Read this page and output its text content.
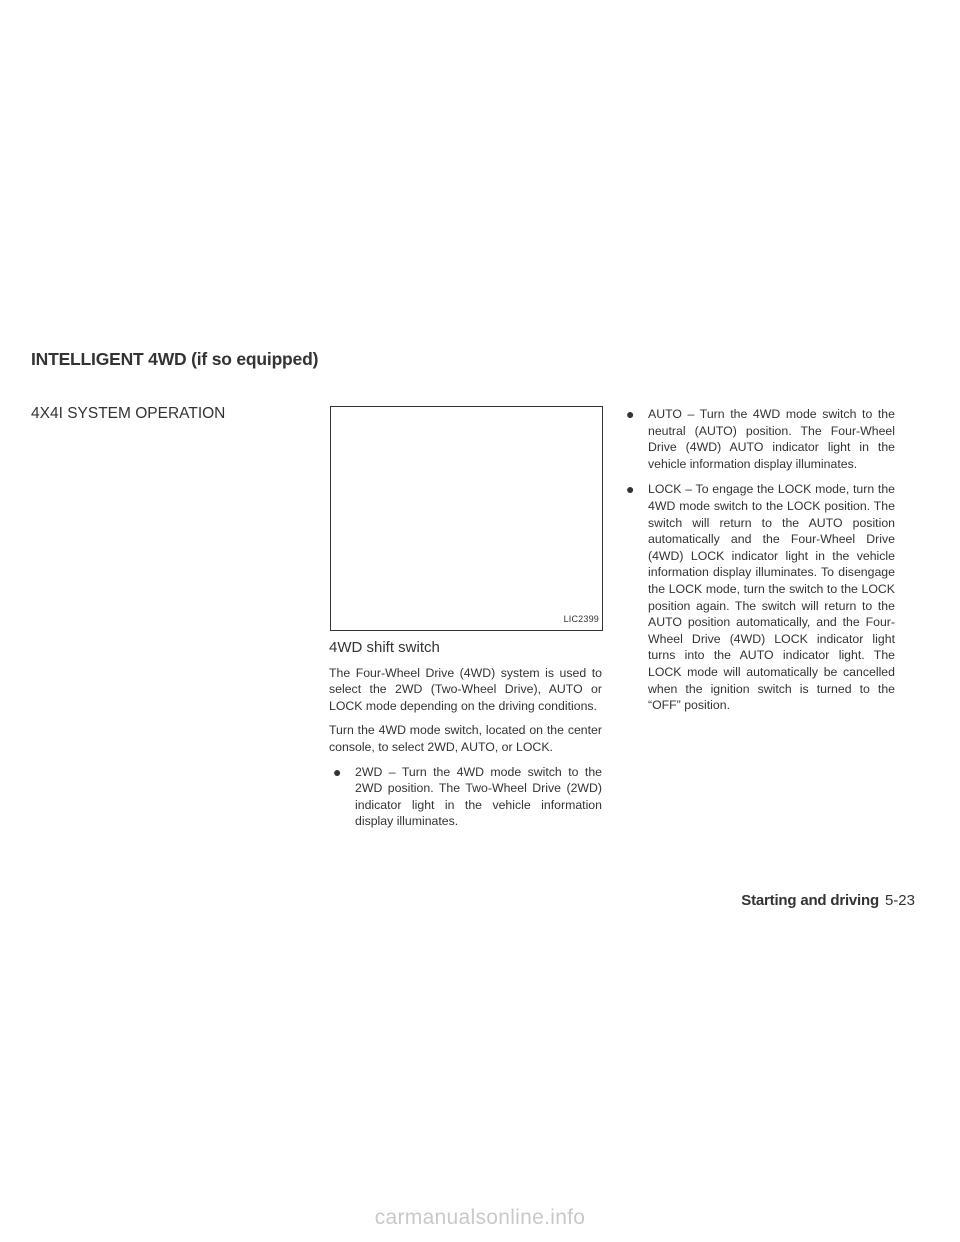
INTELLIGENT 4WD (if so equipped)
4X4I SYSTEM OPERATION
LIC2399
4WD shift switch

The Four-Wheel Drive (4WD) system is used to select the 2WD (Two-Wheel Drive), AUTO or LOCK mode depending on the driving conditions.

Turn the 4WD mode switch, located on the center console, to select 2WD, AUTO, or LOCK.

● 2WD – Turn the 4WD mode switch to the 2WD position. The Two-Wheel Drive (2WD) indicator light in the vehicle information display illuminates.
● AUTO – Turn the 4WD mode switch to the neutral (AUTO) position. The Four-Wheel Drive (4WD) AUTO indicator light in the vehicle information display illuminates.
● LOCK – To engage the LOCK mode, turn the 4WD mode switch to the LOCK position. The switch will return to the AUTO position automatically and the Four-Wheel Drive (4WD) LOCK indicator light in the vehicle information display illuminates. To disengage the LOCK mode, turn the switch to the LOCK position again. The switch will return to the AUTO position automatically, and the Four-Wheel Drive (4WD) LOCK indicator light turns into the AUTO indicator light. The LOCK mode will automatically be cancelled when the ignition switch is turned to the “OFF” position.
Starting and driving 5-23
carmanualsonline.info
